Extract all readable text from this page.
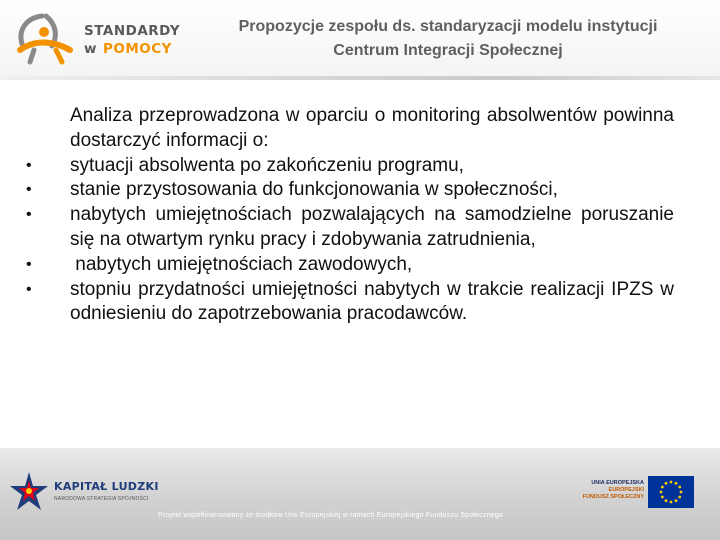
STANDARDY
w POMOCY
Propozycje zespołu ds. standaryzacji modelu instytucji
Centrum Integracji Społecznej
Analiza przeprowadzona w oparciu o monitoring absolwentów powinna dostarczyć informacji o:
• sytuacji absolwenta po zakończeniu programu,
• stanie przystosowania do funkcjonowania w społeczności,
• nabytych umiejętnościach pozwalających na samodzielne poruszanie się na otwartym rynku pracy i zdobywania zatrudnienia,
• nabytych umiejętnościach zawodowych,
• stopniu przydatności umiejętności nabytych w trakcie realizacji IPZS w odniesieniu do zapotrzebowania pracodawców.
KAPITAŁ LUDZKI
NARODOWA STRATEGIA SPÓJNOŚCI
UNIA EUROPEJSKA
EUROPEJSKI
FUNDUSZ SPOŁECZNY
Projekt współfinansowany ze środków Unii Europejskiej w ramach Europejskiego Funduszu Społecznego
